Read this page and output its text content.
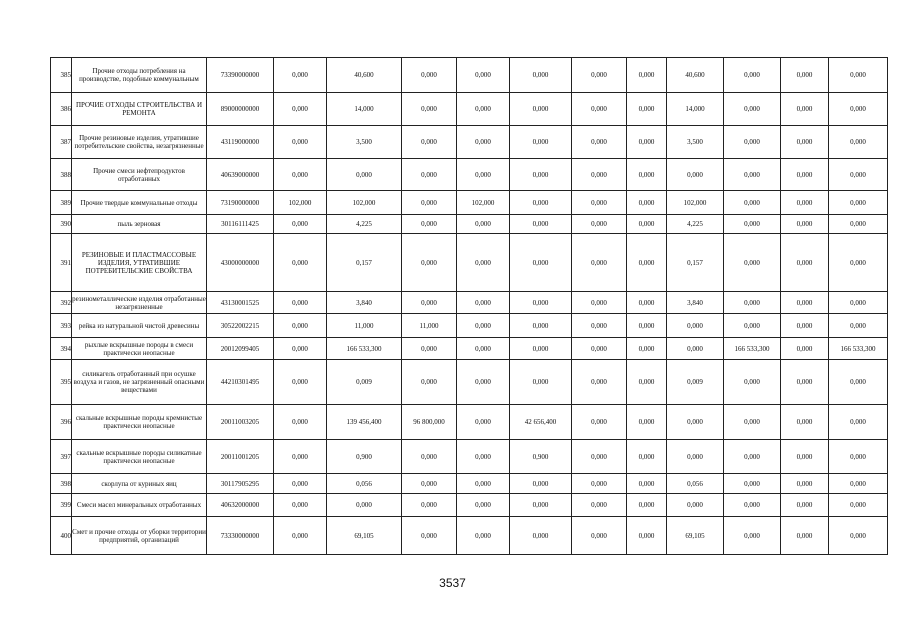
385	Прочие отходы потребления на производстве, подобные коммунальным	73390000000	0,000	40,600	0,000	0,000	0,000	0,000	0,000	40,600	0,000	0,000	0,000
386	ПРОЧИЕ ОТХОДЫ СТРОИТЕЛЬСТВА И РЕМОНТА	89000000000	0,000	14,000	0,000	0,000	0,000	0,000	0,000	14,000	0,000	0,000	0,000
387	Прочие резиновые изделия, утратившие потребительские свойства, незагрязненные	43119000000	0,000	3,500	0,000	0,000	0,000	0,000	0,000	3,500	0,000	0,000	0,000
388	Прочие смеси нефтепродуктов отработанных	40639000000	0,000	0,000	0,000	0,000	0,000	0,000	0,000	0,000	0,000	0,000	0,000
389	Прочие твердые коммунальные отходы	73190000000	102,000	102,000	0,000	102,000	0,000	0,000	0,000	102,000	0,000	0,000	0,000
390	пыль зерновая	30116111425	0,000	4,225	0,000	0,000	0,000	0,000	0,000	4,225	0,000	0,000	0,000
391	РЕЗИНОВЫЕ И ПЛАСТМАССОВЫЕ ИЗДЕЛИЯ, УТРАТИВШИЕ ПОТРЕБИТЕЛЬСКИЕ СВОЙСТВА	43000000000	0,000	0,157	0,000	0,000	0,000	0,000	0,000	0,157	0,000	0,000	0,000
392	резинометаллические изделия отработанные незагрязненные	43130001525	0,000	3,840	0,000	0,000	0,000	0,000	0,000	3,840	0,000	0,000	0,000
393	рейка из натуральной чистой древесины	30522002215	0,000	11,000	11,000	0,000	0,000	0,000	0,000	0,000	0,000	0,000	0,000
394	рыхлые вскрышные породы в смеси практически неопасные	20012099405	0,000	166 533,300	0,000	0,000	0,000	0,000	0,000	0,000	166 533,300	0,000	166 533,300
395	силикагель отработанный при осушке воздуха и газов, не загрязненный опасными веществами	44210301495	0,000	0,009	0,000	0,000	0,000	0,000	0,000	0,009	0,000	0,000	0,000
396	скальные вскрышные породы кремнистые практически неопасные	20011003205	0,000	139 456,400	96 800,000	0,000	42 656,400	0,000	0,000	0,000	0,000	0,000	0,000
397	скальные вскрышные породы силикатные практически неопасные	20011001205	0,000	0,900	0,000	0,000	0,900	0,000	0,000	0,000	0,000	0,000	0,000
398	скорлупа от куриных яиц	30117905295	0,000	0,056	0,000	0,000	0,000	0,000	0,000	0,056	0,000	0,000	0,000
399	Смеси масел минеральных отработанных	40632000000	0,000	0,000	0,000	0,000	0,000	0,000	0,000	0,000	0,000	0,000	0,000
400	Смет и прочие отходы от уборки территории предприятий, организаций	73330000000	0,000	69,105	0,000	0,000	0,000	0,000	0,000	69,105	0,000	0,000	0,000
3537
